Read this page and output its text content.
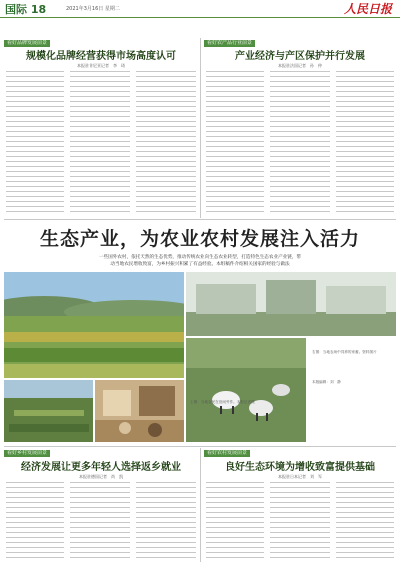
国际 18	2021年3月16日 星期二	人民日报
看好品牌发展前景
规模化品牌经营获得市场高度认可
本报驻肯尼亚记者　李　琦
看好农产品行业前景
产业经济与产区保护并行发展
本报驻法国记者　孙　仲
生态产业，为农业农村发展注入活力
一些国外农村，依托天然的生态优势，推动传统农业向生态农业转型，打造特色生态农业产业链，带
动当地农民增收致富，为乡村振兴积累了有益经验。本组稿件介绍相关国家的经验与做法
上图：当地农民在田间劳作。本报记者摄
右图：当地农场中饲养的家畜。资料图片
本版编辑：刘　静
看好乡村发展前景
经济发展让更多年轻人选择返乡就业
本报驻德国记者　尚　凯
看好农村发展前景
良好生态环境为增收致富提供基础
本报驻日本记者　刘　军
